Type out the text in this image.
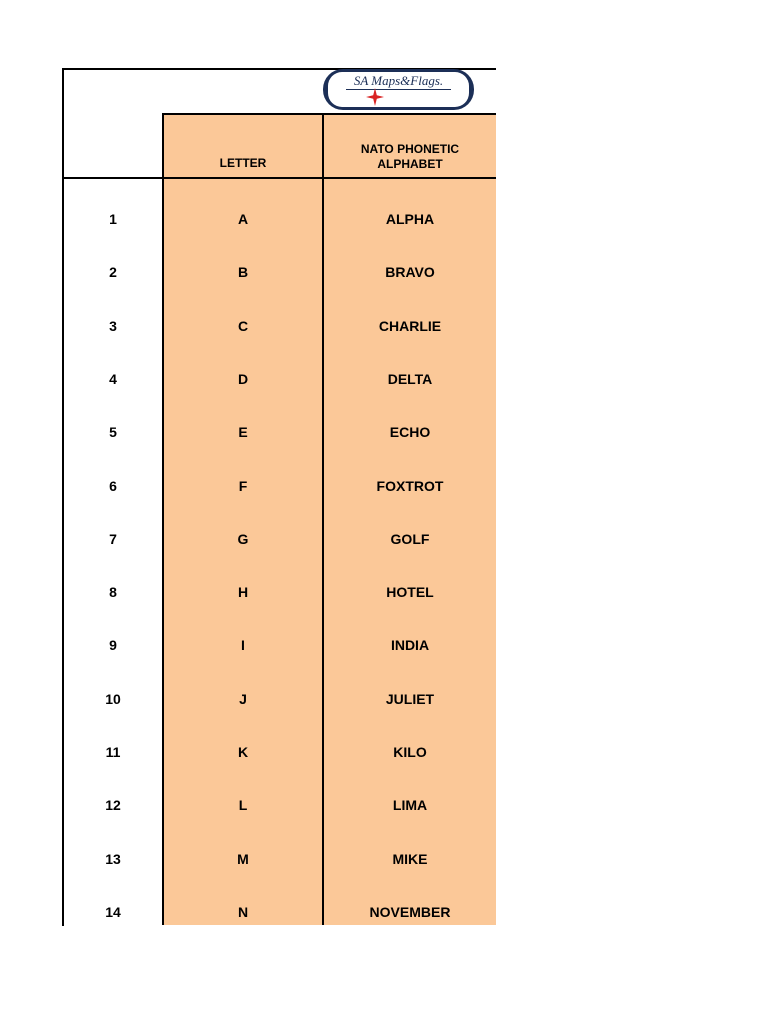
SA Maps&Flags.
LETTER
NATO PHONETIC ALPHABET
1	A	ALPHA
2	B	BRAVO
3	C	CHARLIE
4	D	DELTA
5	E	ECHO
6	F	FOXTROT
7	G	GOLF
8	H	HOTEL
9	I	INDIA
10	J	JULIET
11	K	KILO
12	L	LIMA
13	M	MIKE
14	N	NOVEMBER
